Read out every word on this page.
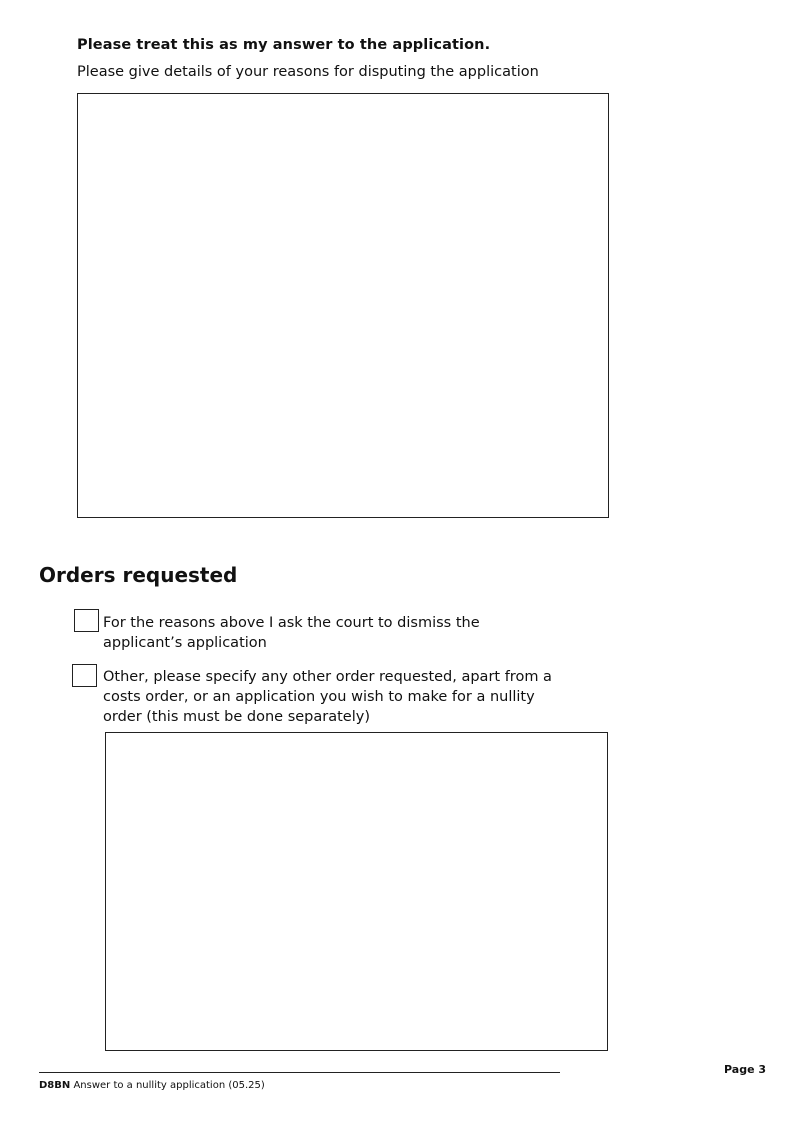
Please treat this as my answer to the application.
Please give details of your reasons for disputing the application
Orders requested
For the reasons above I ask the court to dismiss the applicant’s application
Other, please specify any other order requested, apart from a costs order, or an application you wish to make for a nullity order (this must be done separately)
D8BN Answer to a nullity application (05.25)
Page 3
